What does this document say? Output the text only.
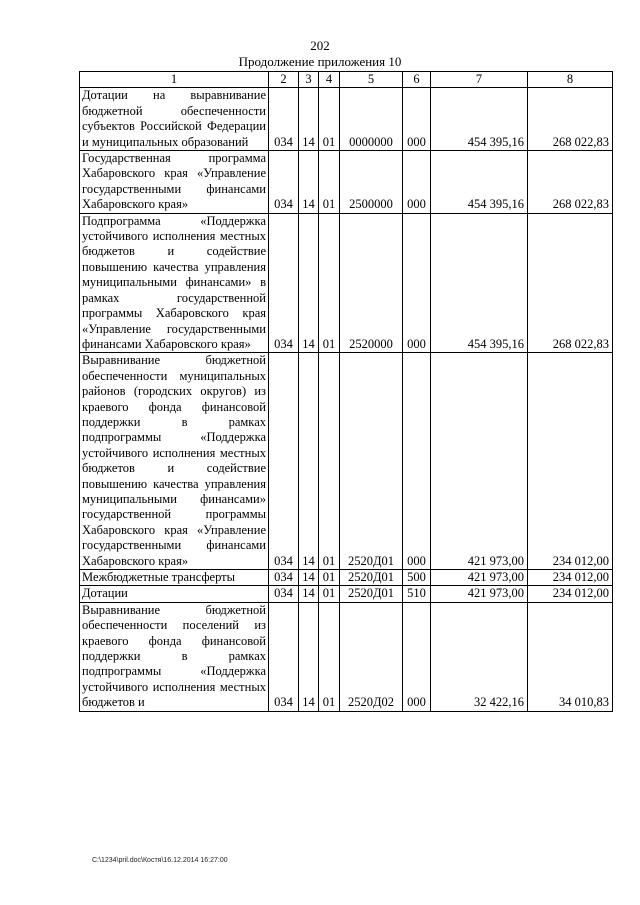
202
Продолжение приложения 10
1	2	3	4	5	6	7	8
Дотации на выравнивание бюджетной обеспеченности субъектов Российской Федерации и муниципальных образований	034	14	01	0000000	000	454 395,16	268 022,83
Государственная программа Хабаровского края «Управление государственными финансами Хабаровского края»	034	14	01	2500000	000	454 395,16	268 022,83
Подпрограмма «Поддержка устойчивого исполнения местных бюджетов и содействие повышению качества управления муниципальными финансами» в рамках государственной программы Хабаровского края «Управление государственными финансами Хабаровского края»	034	14	01	2520000	000	454 395,16	268 022,83
Выравнивание бюджетной обеспеченности муниципальных районов (городских округов) из краевого фонда финансовой поддержки в рамках подпрограммы «Поддержка устойчивого исполнения местных бюджетов и содействие повышению качества управления муниципальными финансами» государственной программы Хабаровского края «Управление государственными финансами Хабаровского края»	034	14	01	2520Д01	000	421 973,00	234 012,00
Межбюджетные трансферты	034	14	01	2520Д01	500	421 973,00	234 012,00
Дотации	034	14	01	2520Д01	510	421 973,00	234 012,00
Выравнивание бюджетной обеспеченности поселений из краевого фонда финансовой поддержки в рамках подпрограммы «Поддержка устойчивого исполнения местных бюджетов и	034	14	01	2520Д02	000	32 422,16	34 010,83
C:\1234\pril.doc\Костя\16.12.2014 16:27:00
